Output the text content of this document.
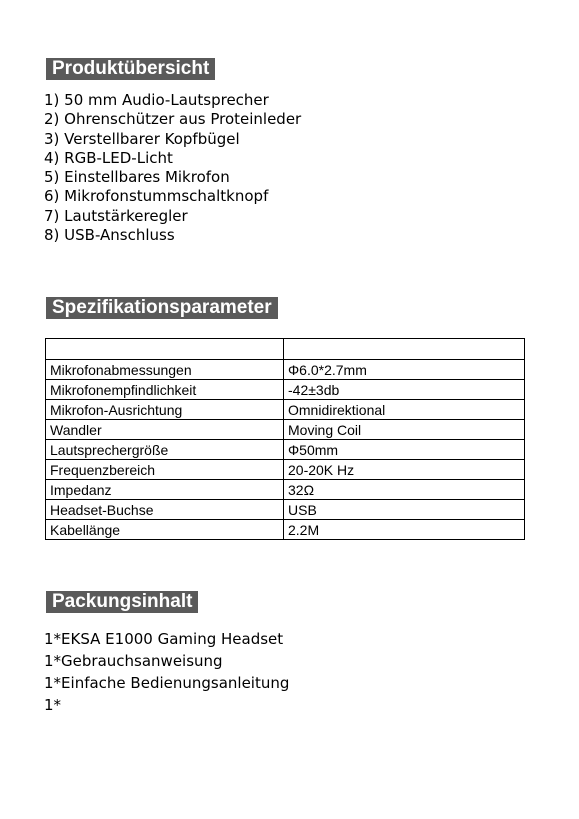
Produktübersicht
1) 50 mm Audio-Lautsprecher
2) Ohrenschützer aus Proteinleder
3) Verstellbarer Kopfbügel
4) RGB-LED-Licht
5) Einstellbares Mikrofon
6) Mikrofonstummschaltknopf
7) Lautstärkeregler
8) USB-Anschluss
Spezifikationsparameter

Mikrofonabmessungen	Φ6.0*2.7mm
Mikrofonempfindlichkeit	-42±3db
Mikrofon-Ausrichtung	Omnidirektional
Wandler	Moving Coil
Lautsprechergröße	Φ50mm
Frequenzbereich	20-20K Hz
Impedanz	32Ω
Headset-Buchse	USB
Kabellänge	2.2M
Packungsinhalt
1*EKSA E1000 Gaming Headset
1*Gebrauchsanweisung
1*Einfache Bedienungsanleitung
1*
